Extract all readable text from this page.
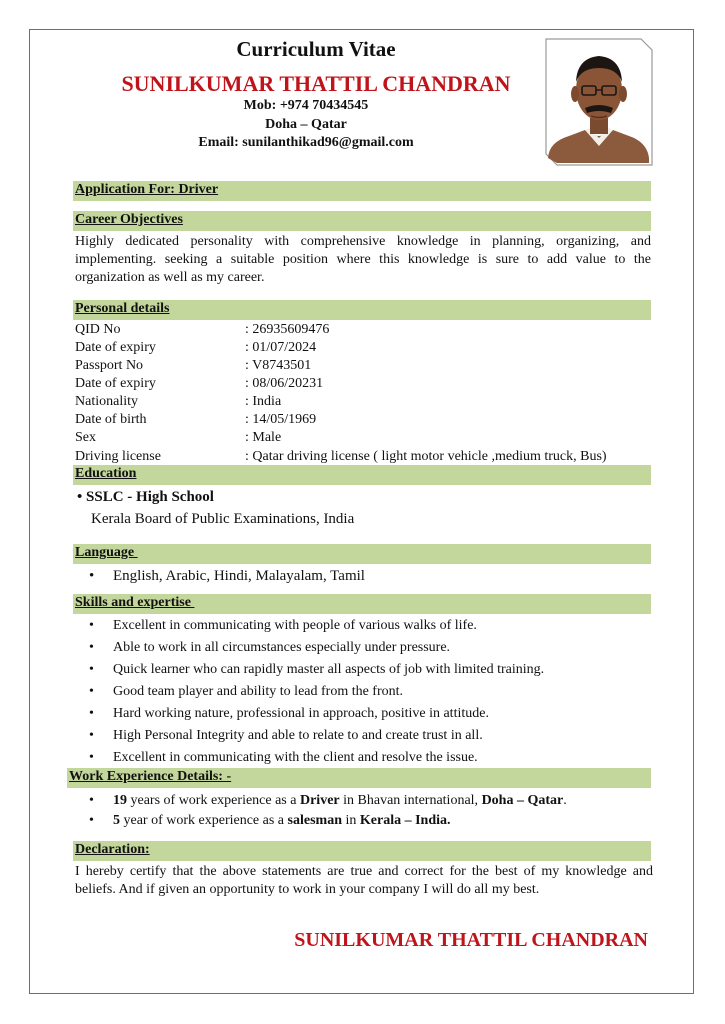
Curriculum Vitae
SUNILKUMAR THATTIL CHANDRAN
Mob: +974 70434545
Doha – Qatar
Email: sunilanthikad96@gmail.com
Application For: Driver
Career Objectives
Highly dedicated personality with comprehensive knowledge in planning, organizing, and implementing. seeking a suitable position where this knowledge is sure to add value to the organization as well as my career.
Personal details
QID No	: 26935609476
Date of expiry	: 01/07/2024
Passport No	: V8743501
Date of expiry	: 08/06/20231
Nationality	: India
Date of birth	: 14/05/1969
Sex	: Male
Driving license	: Qatar driving license ( light motor vehicle ,medium truck, Bus)
Education
• SSLC - High School
Kerala Board of Public Examinations, India
Language
• English, Arabic, Hindi, Malayalam, Tamil
Skills and expertise
• Excellent in communicating with people of various walks of life.
• Able to work in all circumstances especially under pressure.
• Quick learner who can rapidly master all aspects of job with limited training.
• Good team player and ability to lead from the front.
• Hard working nature, professional in approach, positive in attitude.
• High Personal Integrity and able to relate to and create trust in all.
• Excellent in communicating with the client and resolve the issue.
Work Experience Details: -
• 19 years of work experience as a Driver in Bhavan international, Doha – Qatar.
• 5 year of work experience as a salesman in Kerala – India.
Declaration:
I hereby certify that the above statements are true and correct for the best of my knowledge and beliefs. And if given an opportunity to work in your company I will do all my best.
SUNILKUMAR THATTIL CHANDRAN
